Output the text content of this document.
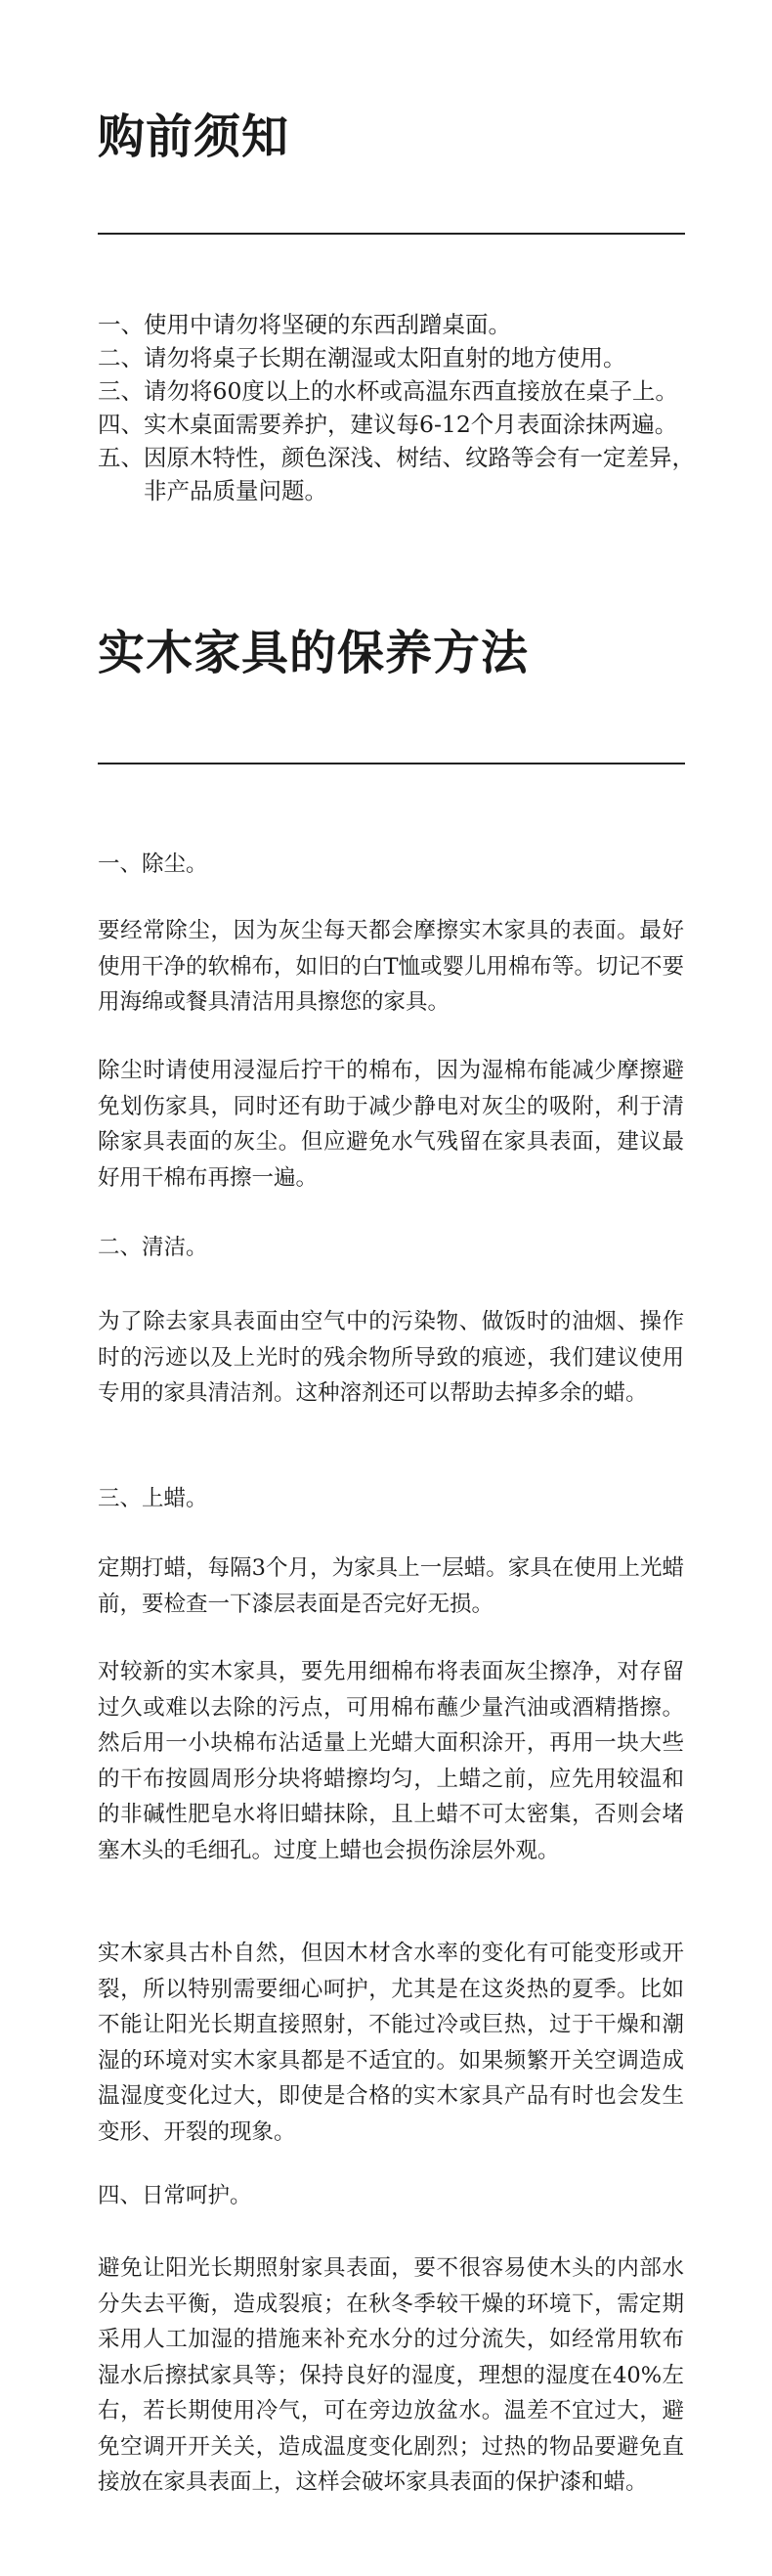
购前须知
一、 使用中请勿将坚硬的东西刮蹭桌面。
二、 请勿将桌子长期在潮湿或太阳直射的地方使用。
三、 请勿将60度以上的水杯或高温东西直接放在桌子上。
四、 实木桌面需要养护，建议每6-12个月表面涂抹两遍。
五、 因原木特性，颜色深浅、树结、纹路等会有一定差异，非产品质量问题。
实木家具的保养方法

一、除尘。

要经常除尘，因为灰尘每天都会摩擦实木家具的表面。最好使用干净的软棉布，如旧的白T恤或婴儿用棉布等。切记不要用海绵或餐具清洁用具擦您的家具。

除尘时请使用浸湿后拧干的棉布，因为湿棉布能减少摩擦避免划伤家具，同时还有助于减少静电对灰尘的吸附，利于清除家具表面的灰尘。但应避免水气残留在家具表面，建议最好用干棉布再擦一遍。

二、清洁。

为了除去家具表面由空气中的污染物、做饭时的油烟、操作时的污迹以及上光时的残余物所导致的痕迹，我们建议使用专用的家具清洁剂。这种溶剂还可以帮助去掉多余的蜡。

三、上蜡。

定期打蜡，每隔3个月，为家具上一层蜡。家具在使用上光蜡前，要检查一下漆层表面是否完好无损。

对较新的实木家具，要先用细棉布将表面灰尘擦净，对存留过久或难以去除的污点，可用棉布蘸少量汽油或酒精揩擦。然后用一小块棉布沾适量上光蜡大面积涂开，再用一块大些的干布按圆周形分块将蜡擦均匀，上蜡之前，应先用较温和的非碱性肥皂水将旧蜡抹除，且上蜡不可太密集，否则会堵塞木头的毛细孔。过度上蜡也会损伤涂层外观。

实木家具古朴自然，但因木材含水率的变化有可能变形或开裂，所以特别需要细心呵护，尤其是在这炎热的夏季。比如不能让阳光长期直接照射，不能过冷或巨热，过于干燥和潮湿的环境对实木家具都是不适宜的。如果频繁开关空调造成温湿度变化过大，即使是合格的实木家具产品有时也会发生变形、开裂的现象。

四、日常呵护。

避免让阳光长期照射家具表面，要不很容易使木头的内部水分失去平衡，造成裂痕；在秋冬季较干燥的环境下，需定期采用人工加湿的措施来补充水分的过分流失，如经常用软布湿水后擦拭家具等；保持良好的湿度，理想的湿度在40%左右，若长期使用冷气，可在旁边放盆水。温差不宜过大，避免空调开开关关，造成温度变化剧烈；过热的物品要避免直接放在家具表面上，这样会破坏家具表面的保护漆和蜡。
